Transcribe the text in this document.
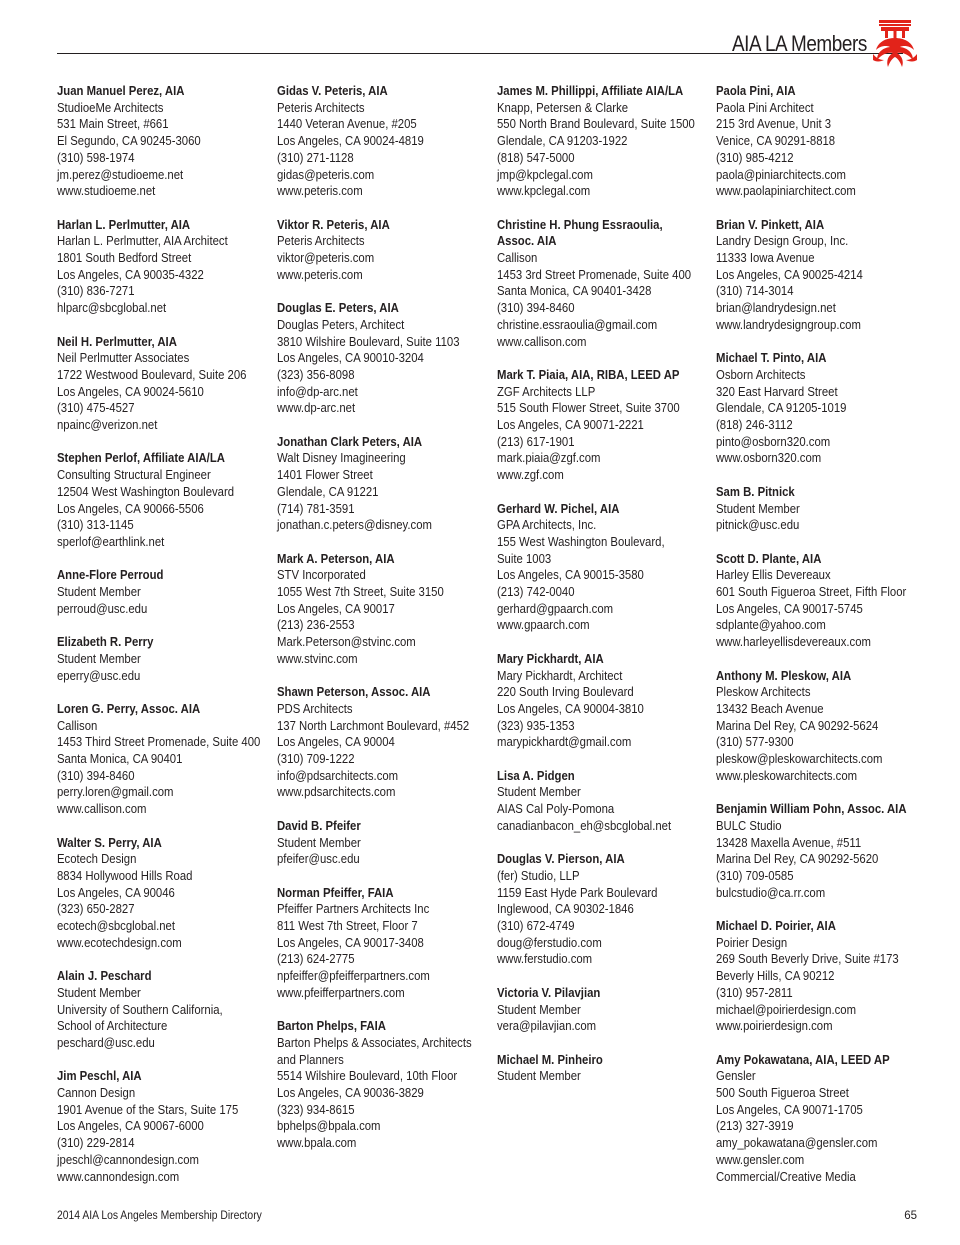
AIA LA Members
Juan Manuel Perez, AIA
StudioeMe Architects
531 Main Street, #661
El Segundo, CA 90245-3060
(310) 598-1974
jm.perez@studioeme.net
www.studioeme.net
Harlan L. Perlmutter, AIA
Harlan L. Perlmutter, AIA Architect
1801 South Bedford Street
Los Angeles, CA 90035-4322
(310) 836-7271
hlparc@sbcglobal.net
Neil H. Perlmutter, AIA
Neil Perlmutter Associates
1722 Westwood Boulevard, Suite 206
Los Angeles, CA 90024-5610
(310) 475-4527
npainc@verizon.net
Stephen Perlof, Affiliate AIA/LA
Consulting Structural Engineer
12504 West Washington Boulevard
Los Angeles, CA 90066-5506
(310) 313-1145
sperlof@earthlink.net
Anne-Flore Perroud
Student Member
perroud@usc.edu
Elizabeth R. Perry
Student Member
eperry@usc.edu
Loren G. Perry, Assoc. AIA
Callison
1453 Third Street Promenade, Suite 400
Santa Monica, CA 90401
(310) 394-8460
perry.loren@gmail.com
www.callison.com
Walter S. Perry, AIA
Ecotech Design
8834 Hollywood Hills Road
Los Angeles, CA 90046
(323) 650-2827
ecotech@sbcglobal.net
www.ecotechdesign.com
Alain J. Peschard
Student Member
University of Southern California,
School of Architecture
peschard@usc.edu
Jim Peschl, AIA
Cannon Design
1901 Avenue of the Stars, Suite 175
Los Angeles, CA 90067-6000
(310) 229-2814
jpeschl@cannondesign.com
www.cannondesign.com
Gidas V. Peteris, AIA
Peteris Architects
1440 Veteran Avenue, #205
Los Angeles, CA 90024-4819
(310) 271-1128
gidas@peteris.com
www.peteris.com
Viktor R. Peteris, AIA
Peteris Architects
viktor@peteris.com
www.peteris.com
Douglas E. Peters, AIA
Douglas Peters, Architect
3810 Wilshire Boulevard, Suite 1103
Los Angeles, CA 90010-3204
(323) 356-8098
info@dp-arc.net
www.dp-arc.net
Jonathan Clark Peters, AIA
Walt Disney Imagineering
1401 Flower Street
Glendale, CA 91221
(714) 781-3591
jonathan.c.peters@disney.com
Mark A. Peterson, AIA
STV Incorporated
1055 West 7th Street, Suite 3150
Los Angeles, CA 90017
(213) 236-2553
Mark.Peterson@stvinc.com
www.stvinc.com
Shawn Peterson, Assoc. AIA
PDS Architects
137 North Larchmont Boulevard, #452
Los Angeles, CA 90004
(310) 709-1222
info@pdsarchitects.com
www.pdsarchitects.com
David B. Pfeifer
Student Member
pfeifer@usc.edu
Norman Pfeiffer, FAIA
Pfeiffer Partners Architects Inc
811 West 7th Street, Floor 7
Los Angeles, CA 90017-3408
(213) 624-2775
npfeiffer@pfeifferpartners.com
www.pfeifferpartners.com
Barton Phelps, FAIA
Barton Phelps & Associates, Architects
and Planners
5514 Wilshire Boulevard, 10th Floor
Los Angeles, CA 90036-3829
(323) 934-8615
bphelps@bpala.com
www.bpala.com
James M. Phillippi, Affiliate AIA/LA
Knapp, Petersen & Clarke
550 North Brand Boulevard, Suite 1500
Glendale, CA 91203-1922
(818) 547-5000
jmp@kpclegal.com
www.kpclegal.com
Christine H. Phung Essraoulia,
Assoc. AIA
Callison
1453 3rd Street Promenade, Suite 400
Santa Monica, CA 90401-3428
(310) 394-8460
christine.essraoulia@gmail.com
www.callison.com
Mark T. Piaia, AIA, RIBA, LEED AP
ZGF Architects LLP
515 South Flower Street, Suite 3700
Los Angeles, CA 90071-2221
(213) 617-1901
mark.piaia@zgf.com
www.zgf.com
Gerhard W. Pichel, AIA
GPA Architects, Inc.
155 West Washington Boulevard,
Suite 1003
Los Angeles, CA 90015-3580
(213) 742-0040
gerhard@gpaarch.com
www.gpaarch.com
Mary Pickhardt, AIA
Mary Pickhardt, Architect
220 South Irving Boulevard
Los Angeles, CA 90004-3810
(323) 935-1353
marypickhardt@gmail.com
Lisa A. Pidgen
Student Member
AIAS Cal Poly-Pomona
canadianbacon_eh@sbcglobal.net
Douglas V. Pierson, AIA
(fer) Studio, LLP
1159 East Hyde Park Boulevard
Inglewood, CA 90302-1846
(310) 672-4749
doug@ferstudio.com
www.ferstudio.com
Victoria V. Pilavjian
Student Member
vera@pilavjian.com
Michael M. Pinheiro
Student Member
Paola Pini, AIA
Paola Pini Architect
215 3rd Avenue, Unit 3
Venice, CA 90291-8818
(310) 985-4212
paola@piniarchitects.com
www.paolapiniarchitect.com
Brian V. Pinkett, AIA
Landry Design Group, Inc.
11333 Iowa Avenue
Los Angeles, CA 90025-4214
(310) 714-3014
brian@landrydesign.net
www.landrydesigngroup.com
Michael T. Pinto, AIA
Osborn Architects
320 East Harvard Street
Glendale, CA 91205-1019
(818) 246-3112
pinto@osborn320.com
www.osborn320.com
Sam B. Pitnick
Student Member
pitnick@usc.edu
Scott D. Plante, AIA
Harley Ellis Devereaux
601 South Figueroa Street, Fifth Floor
Los Angeles, CA 90017-5745
sdplante@yahoo.com
www.harleyellisdevereaux.com
Anthony M. Pleskow, AIA
Pleskow Architects
13432 Beach Avenue
Marina Del Rey, CA 90292-5624
(310) 577-9300
pleskow@pleskowarchitects.com
www.pleskowarchitects.com
Benjamin William Pohn, Assoc. AIA
BULC Studio
13428 Maxella Avenue, #511
Marina Del Rey, CA 90292-5620
(310) 709-0585
bulcstudio@ca.rr.com
Michael D. Poirier, AIA
Poirier Design
269 South Beverly Drive, Suite #173
Beverly Hills, CA 90212
(310) 957-2811
michael@poirierdesign.com
www.poirierdesign.com
Amy Pokawatana, AIA, LEED AP
Gensler
500 South Figueroa Street
Los Angeles, CA 90071-1705
(213) 327-3919
amy_pokawatana@gensler.com
www.gensler.com
Commercial/Creative Media
2014 AIA Los Angeles Membership Directory	65
